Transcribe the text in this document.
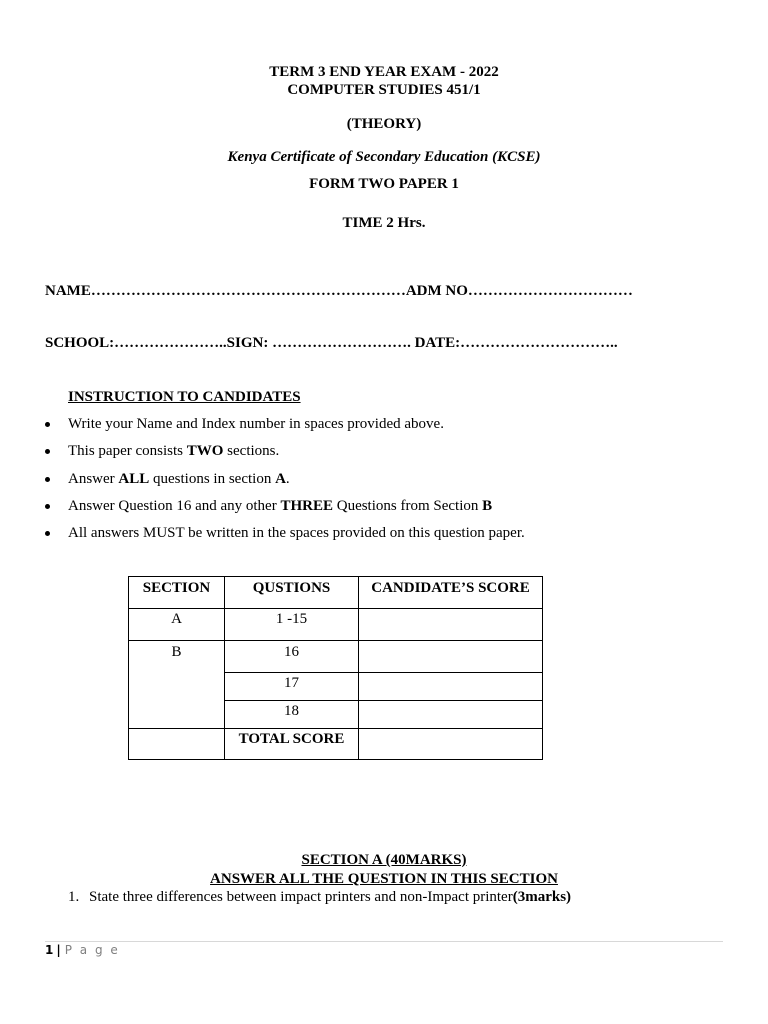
TERM 3 END YEAR EXAM - 2022
COMPUTER STUDIES 451/1
(THEORY)
Kenya Certificate of Secondary Education (KCSE)
FORM TWO PAPER 1
TIME 2 Hrs.
NAME………………………………………………………ADM NO……………………………
SCHOOL:…………………..SIGN: ………………………. DATE:…………………………..
INSTRUCTION TO CANDIDATES
Write your Name and Index number in spaces provided above.
This paper consists TWO sections.
Answer ALL questions in section A.
Answer Question 16 and any other THREE Questions from Section B
All answers MUST be written in the spaces provided on this question paper.
SECTION	QUSTIONS	CANDIDATE’S SCORE
A	1 -15	
B	16	
	17	
	18	
	TOTAL SCORE	
SECTION A (40MARKS)
ANSWER ALL THE QUESTION IN THIS SECTION
1. State three differences between impact printers and non-Impact printer(3marks)
1 | P a g e
